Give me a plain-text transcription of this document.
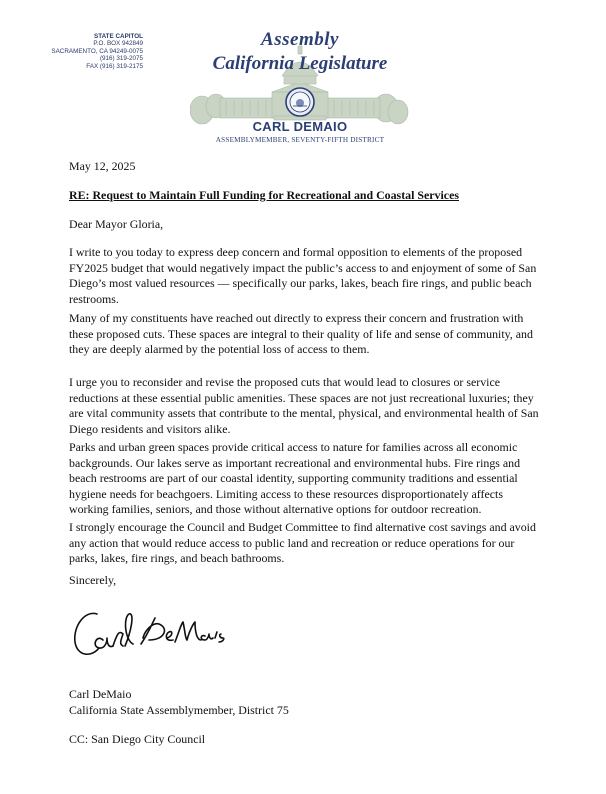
STATE CAPITOL
P.O. BOX 942849
SACRAMENTO, CA 94249-0075
(916) 319-2075
FAX (916) 319-2175
Assembly
California Legislature
CARL DEMAIO
ASSEMBLYMEMBER, SEVENTY-FIFTH DISTRICT

May 12, 2025

RE: Request to Maintain Full Funding for Recreational and Coastal Services

Dear Mayor Gloria,

I write to you today to express deep concern and formal opposition to elements of the proposed FY2025 budget that would negatively impact the public’s access to and enjoyment of some of San Diego’s most valued resources — specifically our parks, lakes, beach fire rings, and public beach restrooms.

Many of my constituents have reached out directly to express their concern and frustration with these proposed cuts. These spaces are integral to their quality of life and sense of community, and they are deeply alarmed by the potential loss of access to them.

I urge you to reconsider and revise the proposed cuts that would lead to closures or service reductions at these essential public amenities. These spaces are not just recreational luxuries; they are vital community assets that contribute to the mental, physical, and environmental health of San Diego residents and visitors alike.

Parks and urban green spaces provide critical access to nature for families across all economic backgrounds. Our lakes serve as important recreational and environmental hubs. Fire rings and beach restrooms are part of our coastal identity, supporting community traditions and essential hygiene needs for beachgoers. Limiting access to these resources disproportionately affects working families, seniors, and those without alternative options for outdoor recreation.

I strongly encourage the Council and Budget Committee to find alternative cost savings and avoid any action that would reduce access to public land and recreation or reduce operations for our parks, lakes, fire rings, and beach bathrooms.

Sincerely,

Carl DeMaio

California State Assemblymember, District 75

CC: San Diego City Council
